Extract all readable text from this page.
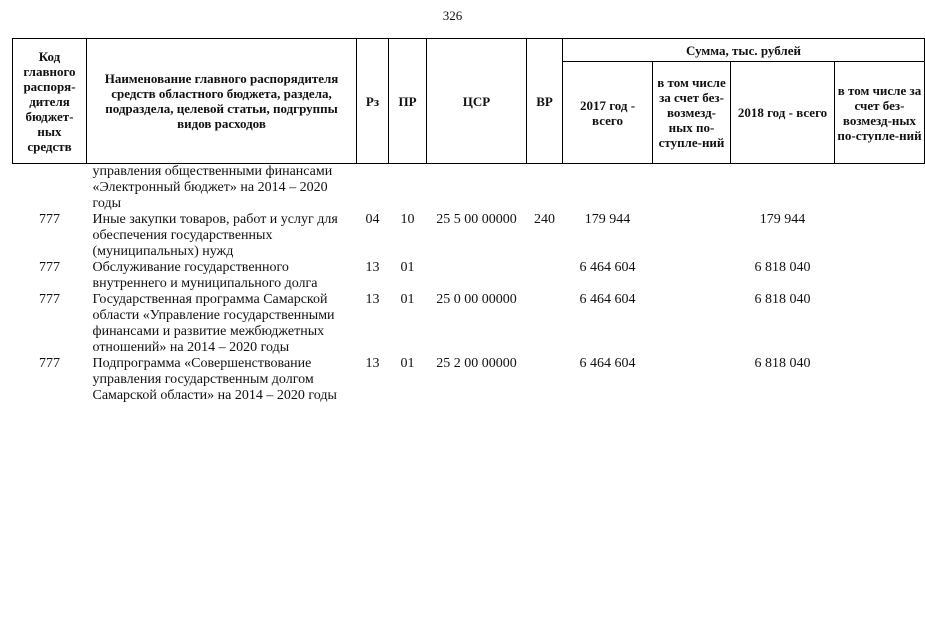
326
Код главного распоря-дителя бюджет-ных средств	Наименование главного распорядителя средств областного бюджета, раздела, подраздела, целевой статьи, подгруппы видов расходов	Рз	ПР	ЦСР	ВР	Сумма, тыс. рублей			
						2017 год - всего	в том числе за счет без-возмезд-ных по-ступле-ний	2018 год - всего	в том числе за счет без-возмезд-ных по-ступле-ний
	управления общественными финансами «Электронный бюджет» на 2014 – 2020 годы								
777	Иные закупки товаров, работ и услуг для обеспечения государственных (муниципальных) нужд	04	10	25 5 00 00000	240	179 944		179 944	
777	Обслуживание государственного внутреннего и муниципального долга	13	01			6 464 604		6 818 040	
777	Государственная программа Самарской области «Управление государственными финансами и развитие межбюджетных отношений» на 2014 – 2020 годы	13	01	25 0 00 00000		6 464 604		6 818 040	
777	Подпрограмма «Совершенствование управления государственным долгом Самарской области» на 2014 – 2020 годы	13	01	25 2 00 00000		6 464 604		6 818 040	
